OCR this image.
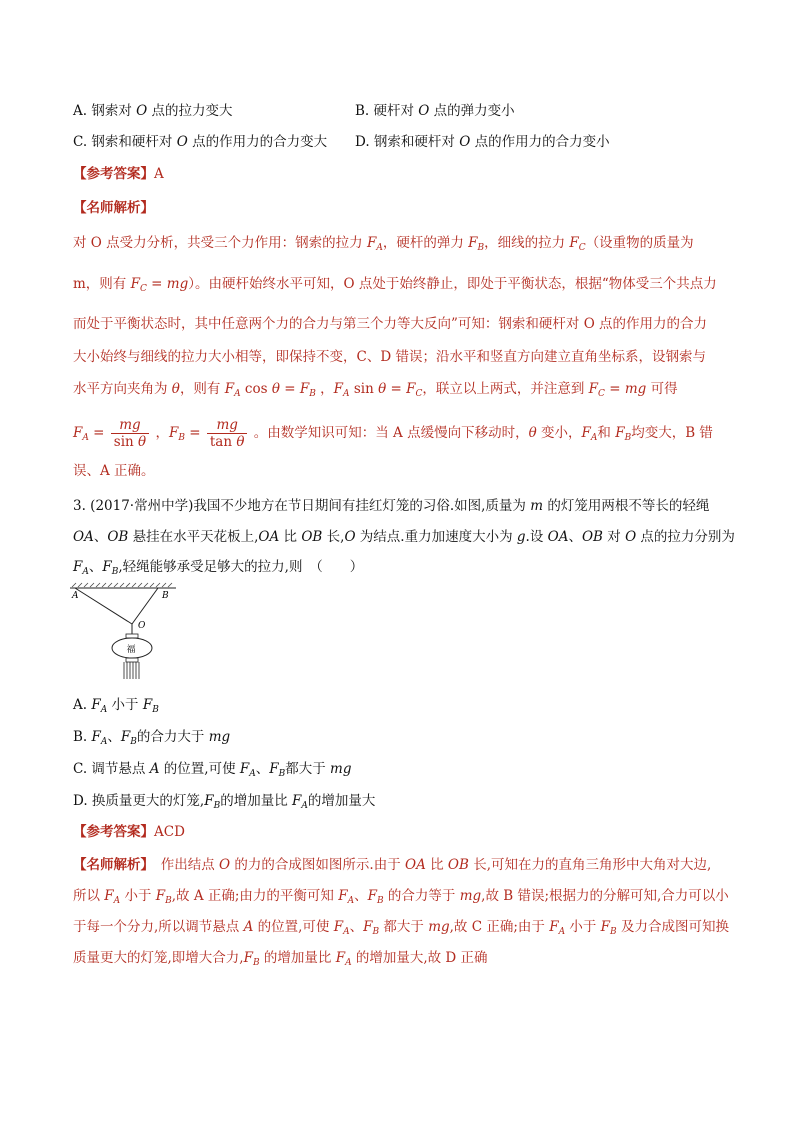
A. 钢索对 O 点的拉力变大	B. 硬杆对 O 点的弹力变小
C. 钢索和硬杆对 O 点的作用力的合力变大 D. 钢索和硬杆对 O 点的作用力的合力变小
【参考答案】A
【名师解析】
对 O 点受力分析，共受三个力作用：钢索的拉力 $F_A$，硬杆的弹力 $F_B$，细线的拉力 $F_C$（设重物的质量为
m，则有 $F_C = mg$）。由硬杆始终水平可知，O 点处于始终静止，即处于平衡状态，根据“物体受三个共点力
而处于平衡状态时，其中任意两个力的合力与第三个力等大反向”可知：钢索和硬杆对 O 点的作用力的合力
大小始终与细线的拉力大小相等，即保持不变，C、D 错误；沿水平和竖直方向建立直角坐标系，设钢索与
水平方向夹角为 θ，则有 $F_A$ $\cos \theta = F_B$ ，$F_A$ $\sin \theta = F_C$，联立以上两式，并注意到 $F_C$ = mg 可得
$F_A = \frac{mg}{\text{sin θ}}$ ，$F_B = \frac{mg}{\text{tan θ}}$ 。由数学知识可知：当 A 点缓慢向下移动时，θ 变小，$F_A$和 $F_B$均变大，B 错
误、A 正确。
3. (2017·常州中学)我国不少地方在节日期间有挂红灯笼的习俗.如图,质量为 m 的灯笼用两根不等长的轻绳
OA、OB 悬挂在水平天花板上,OA 比 OB 长,O 为结点.重力加速度大小为 g.设 OA、OB 对 O 点的拉力分别为
$F_A$、$F_B$,轻绳能够承受足够大的拉力,则　（　　）
A	B
O
福
A. $F_A$ 小于 $F_B$
B. $F_A$、$F_B$的合力大于 mg
C. 调节悬点 A 的位置,可使 $F_A$、$F_B$都大于 mg
D. 换质量更大的灯笼$,F_B$的增加量比 $F_A$的增加量大
【参考答案】ACD
【名师解析】　作出结点 O 的力的合成图如图所示.由于 OA 比 OB 长,可知在力的直角三角形中大角对大边,
所以 $F_A$ 小于 $F_B$,故 A 正确;由力的平衡可知 $F_A$、$F_B$ 的合力等于 mg,故 B 错误;根据力的分解可知,合力可以小
于每一个分力,所以调节悬点 A 的位置,可使 $F_A$、$F_B$ 都大于 mg,故 C 正确;由于 $F_A$ 小于 $F_B$ 及力合成图可知换
质量更大的灯笼,即增大合力$,F_B$ 的增加量比 $F_A$ 的增加量大,故 D 正确
